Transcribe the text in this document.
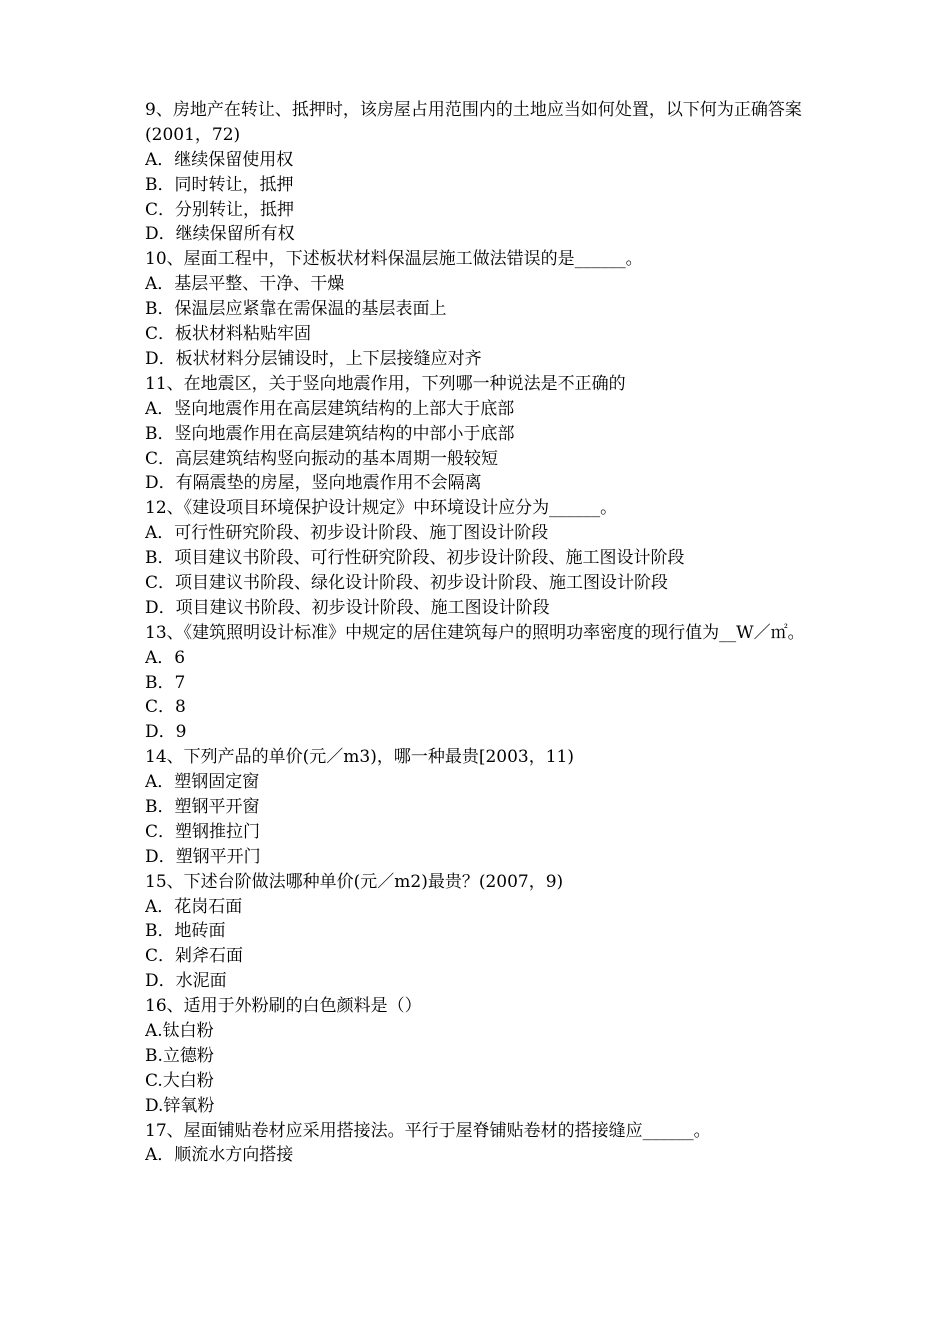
9、房地产在转让、抵押时，该房屋占用范围内的土地应当如何处置，以下何为正确答案(2001，72)
A．继续保留使用权
B．同时转让，抵押
C．分别转让，抵押
D．继续保留所有权
10、屋面工程中，下述板状材料保温层施工做法错误的是______。
A．基层平整、干净、干燥
B．保温层应紧靠在需保温的基层表面上
C．板状材料粘贴牢固
D．板状材料分层铺设时，上下层接缝应对齐
11、在地震区，关于竖向地震作用，下列哪一种说法是不正确的
A．竖向地震作用在高层建筑结构的上部大于底部
B．竖向地震作用在高层建筑结构的中部小于底部
C．高层建筑结构竖向振动的基本周期一般较短
D．有隔震垫的房屋，竖向地震作用不会隔离
12、《建设项目环境保护设计规定》中环境设计应分为______。
A．可行性研究阶段、初步设计阶段、施丁图设计阶段
B．项目建议书阶段、可行性研究阶段、初步设计阶段、施工图设计阶段
C．项目建议书阶段、绿化设计阶段、初步设计阶段、施工图设计阶段
D．项目建议书阶段、初步设计阶段、施工图设计阶段
13、《建筑照明设计标准》中规定的居住建筑每户的照明功率密度的现行值为__W／㎡。
A．6
B．7
C．8
D．9
14、下列产品的单价(元／m3)，哪一种最贵[2003，11)
A．塑钢固定窗
B．塑钢平开窗
C．塑钢推拉门
D．塑钢平开门
15、下述台阶做法哪种单价(元／m2)最贵？(2007，9)
A．花岗石面
B．地砖面
C．剁斧石面
D．水泥面
16、适用于外粉刷的白色颜料是（）
A.钛白粉
B.立德粉
C.大白粉
D.锌氧粉
17、屋面铺贴卷材应采用搭接法。平行于屋脊铺贴卷材的搭接缝应______。
A．顺流水方向搭接
